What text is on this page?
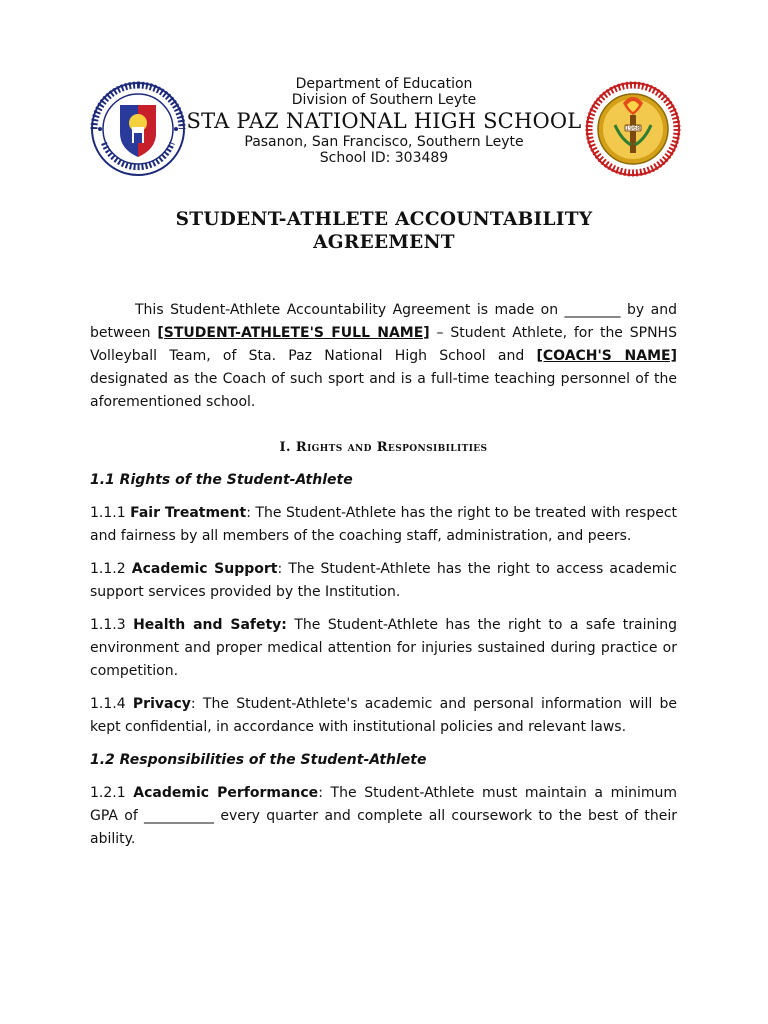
Department of Education
Division of Southern Leyte
STA PAZ NATIONAL HIGH SCHOOL
Pasanon, San Francisco, Southern Leyte
School ID: 303489
1968
STUDENT-ATHLETE ACCOUNTABILITY
AGREEMENT

This Student-Athlete Accountability Agreement is made on ________ by and between [STUDENT-ATHLETE'S FULL NAME] – Student Athlete, for the SPNHS Volleyball Team, of Sta. Paz National High School and [COACH'S NAME] designated as the Coach of such sport and is a full-time teaching personnel of the aforementioned school.

I. Rights and Responsibilities
1.1 Rights of the Student-Athlete

1.1.1 Fair Treatment: The Student-Athlete has the right to be treated with respect and fairness by all members of the coaching staff, administration, and peers.

1.1.2 Academic Support: The Student-Athlete has the right to access academic support services provided by the Institution.

1.1.3 Health and Safety: The Student-Athlete has the right to a safe training environment and proper medical attention for injuries sustained during practice or competition.

1.1.4 Privacy: The Student-Athlete's academic and personal information will be kept confidential, in accordance with institutional policies and relevant laws.

1.2 Responsibilities of the Student-Athlete

1.2.1 Academic Performance: The Student-Athlete must maintain a minimum GPA of __________ every quarter and complete all coursework to the best of their ability.
